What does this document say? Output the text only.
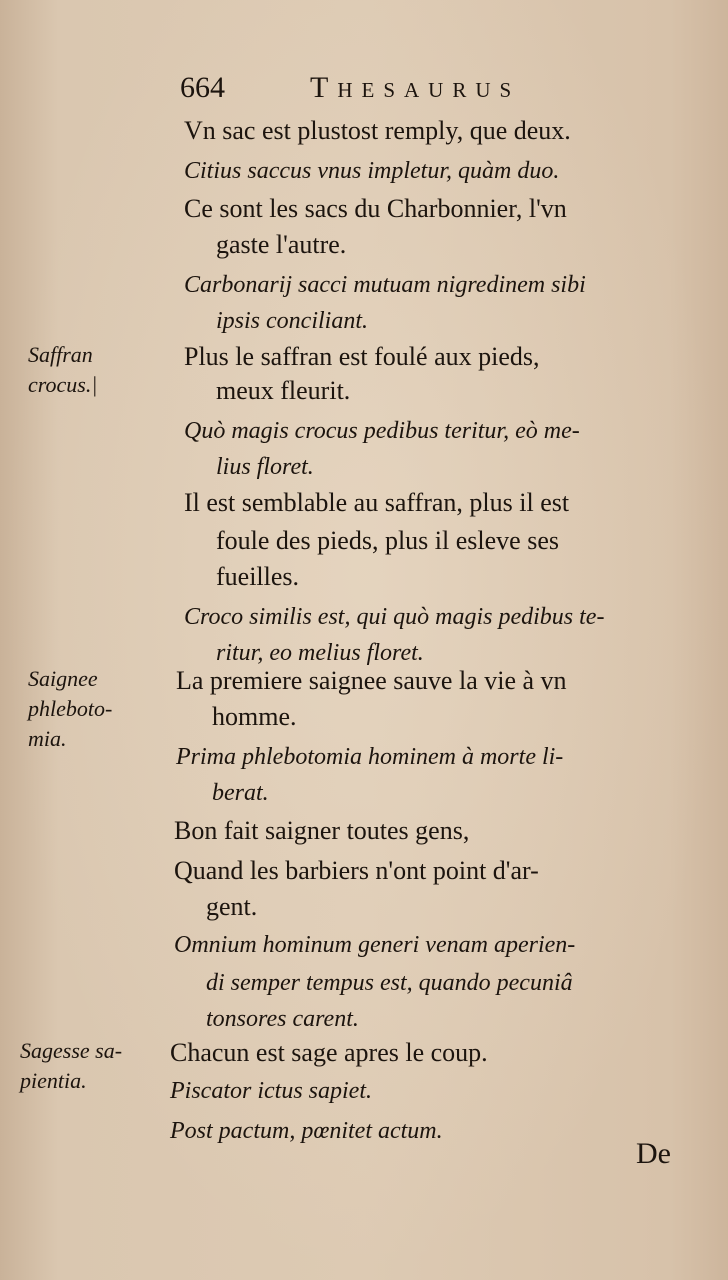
664	Thesaurus
Saffran
crocus.|
Saignee
phleboto-
mia.
Sagesse sa-
pientia.
Vn sac est plustost remply, que deux.
Citius saccus vnus impletur, quàm duo.
Ce sont les sacs du Charbonnier, l'vn
gaste l'autre.
Carbonarij sacci mutuam nigredinem sibi
ipsis conciliant.
Plus le saffran est foulé aux pieds,
meux fleurit.
Quò magis crocus pedibus teritur, eò me-
lius floret.
Il est semblable au saffran, plus il est
foule des pieds, plus il esleve ses
fueilles.
Croco similis est, qui quò magis pedibus te-
ritur, eo melius floret.
La premiere saignee sauve la vie à vn
homme.
Prima phlebotomia hominem à morte li-
berat.
Bon fait saigner toutes gens,
Quand les barbiers n'ont point d'ar-
gent.
Omnium hominum generi venam aperien-
di semper tempus est, quando pecuniâ
tonsores carent.
Chacun est sage apres le coup.
Piscator ictus sapiet.
Post pactum, pœnitet actum.
De
